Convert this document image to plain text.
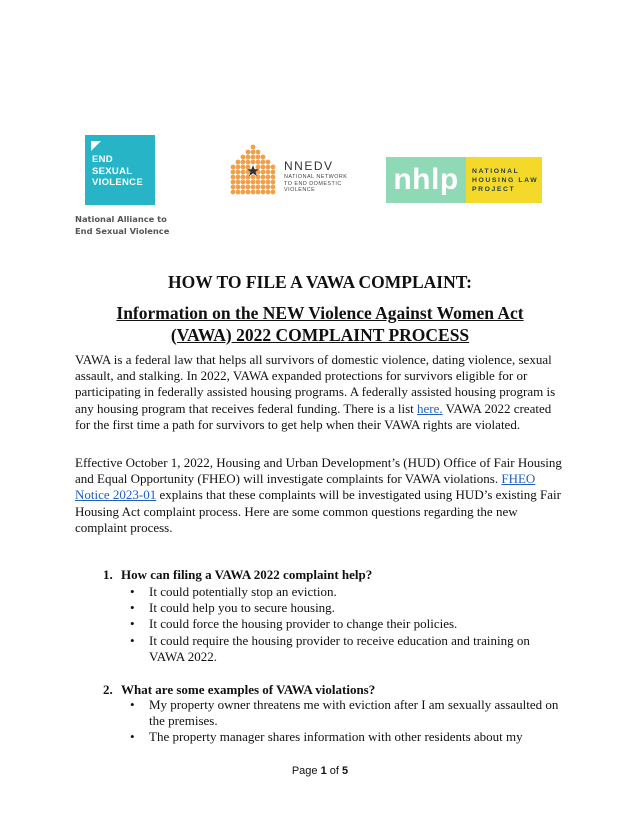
END
SEXUAL
VIOLENCE
National Alliance to
End Sexual Violence
NNEDV
NATIONAL NETWORK
TO END DOMESTIC
VIOLENCE	nhlp	NATIONAL
HOUSING LAW
PROJECT
HOW TO FILE A VAWA COMPLAINT:
Information on the NEW Violence Against Women Act (VAWA) 2022 COMPLAINT PROCESS

VAWA is a federal law that helps all survivors of domestic violence, dating violence, sexual assault, and stalking. In 2022, VAWA expanded protections for survivors eligible for or participating in federally assisted housing programs. A federally assisted housing program is any housing program that receives federal funding. There is a list here. VAWA 2022 created for the first time a path for survivors to get help when their VAWA rights are violated.

Effective October 1, 2022, Housing and Urban Development’s (HUD) Office of Fair Housing and Equal Opportunity (FHEO) will investigate complaints for VAWA violations. FHEO Notice 2023-01 explains that these complaints will be investigated using HUD’s existing Fair Housing Act complaint process. Here are some common questions regarding the new complaint process.

1. How can filing a VAWA 2022 complaint help?
• It could potentially stop an eviction.
• It could help you to secure housing.
• It could force the housing provider to change their policies.
• It could require the housing provider to receive education and training on VAWA 2022.
2. What are some examples of VAWA violations?
• My property owner threatens me with eviction after I am sexually assaulted on the premises.
• The property manager shares information with other residents about my
Page 1 of 5
